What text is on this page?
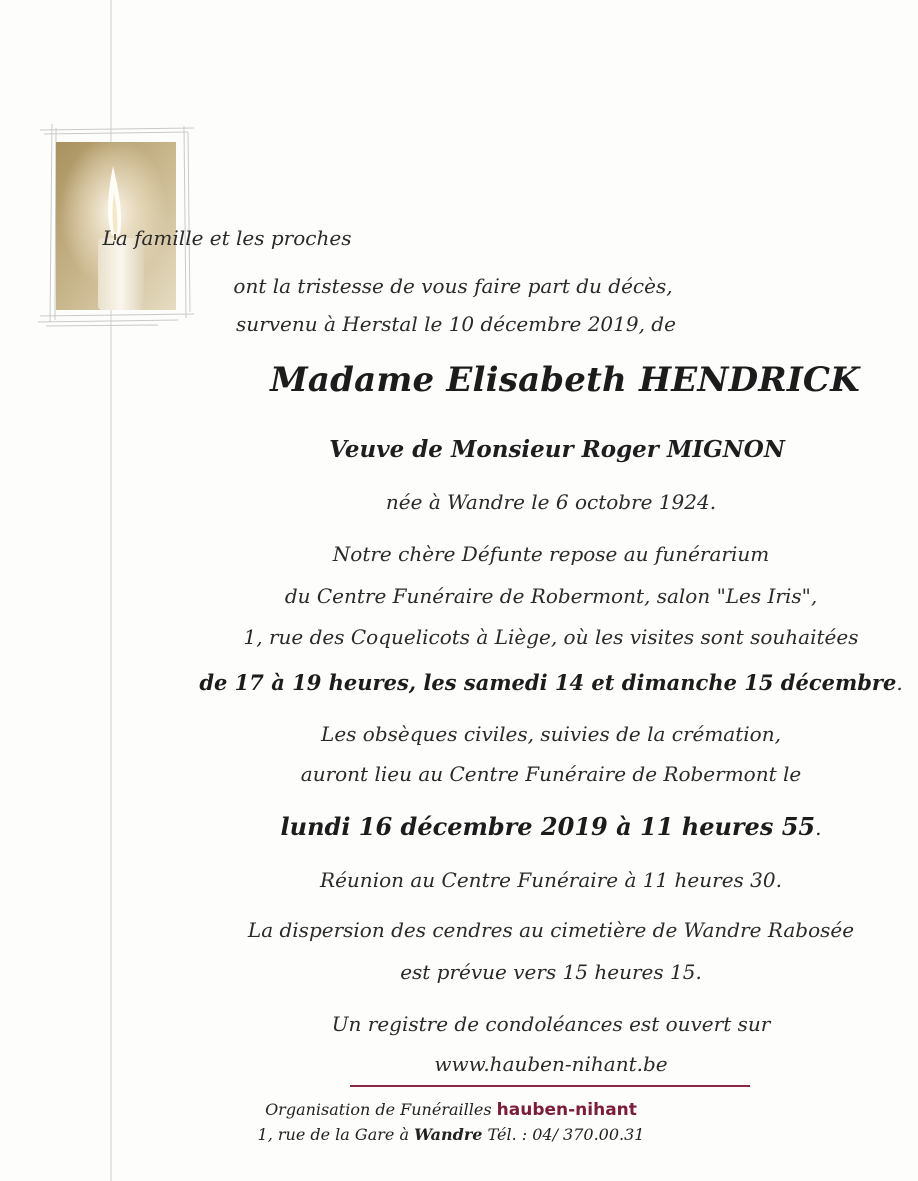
La famille et les proches
ont la tristesse de vous faire part du décès,
survenu à Herstal le 10 décembre 2019, de
Madame Elisabeth HENDRICK
Veuve de Monsieur Roger MIGNON
née à Wandre le 6 octobre 1924.
Notre chère Défunte repose au funérarium
du Centre Funéraire de Robermont, salon "Les Iris",
1, rue des Coquelicots à Liège, où les visites sont souhaitées
de 17 à 19 heures, les samedi 14 et dimanche 15 décembre.
Les obsèques civiles, suivies de la crémation,
auront lieu au Centre Funéraire de Robermont le
lundi 16 décembre 2019 à 11 heures 55.
Réunion au Centre Funéraire à 11 heures 30.
La dispersion des cendres au cimetière de Wandre Rabosée
est prévue vers 15 heures 15.
Un registre de condoléances est ouvert sur
www.hauben-nihant.be
Organisation de Funérailles hauben-nihant
1, rue de la Gare à Wandre Tél. : 04/ 370.00.31
